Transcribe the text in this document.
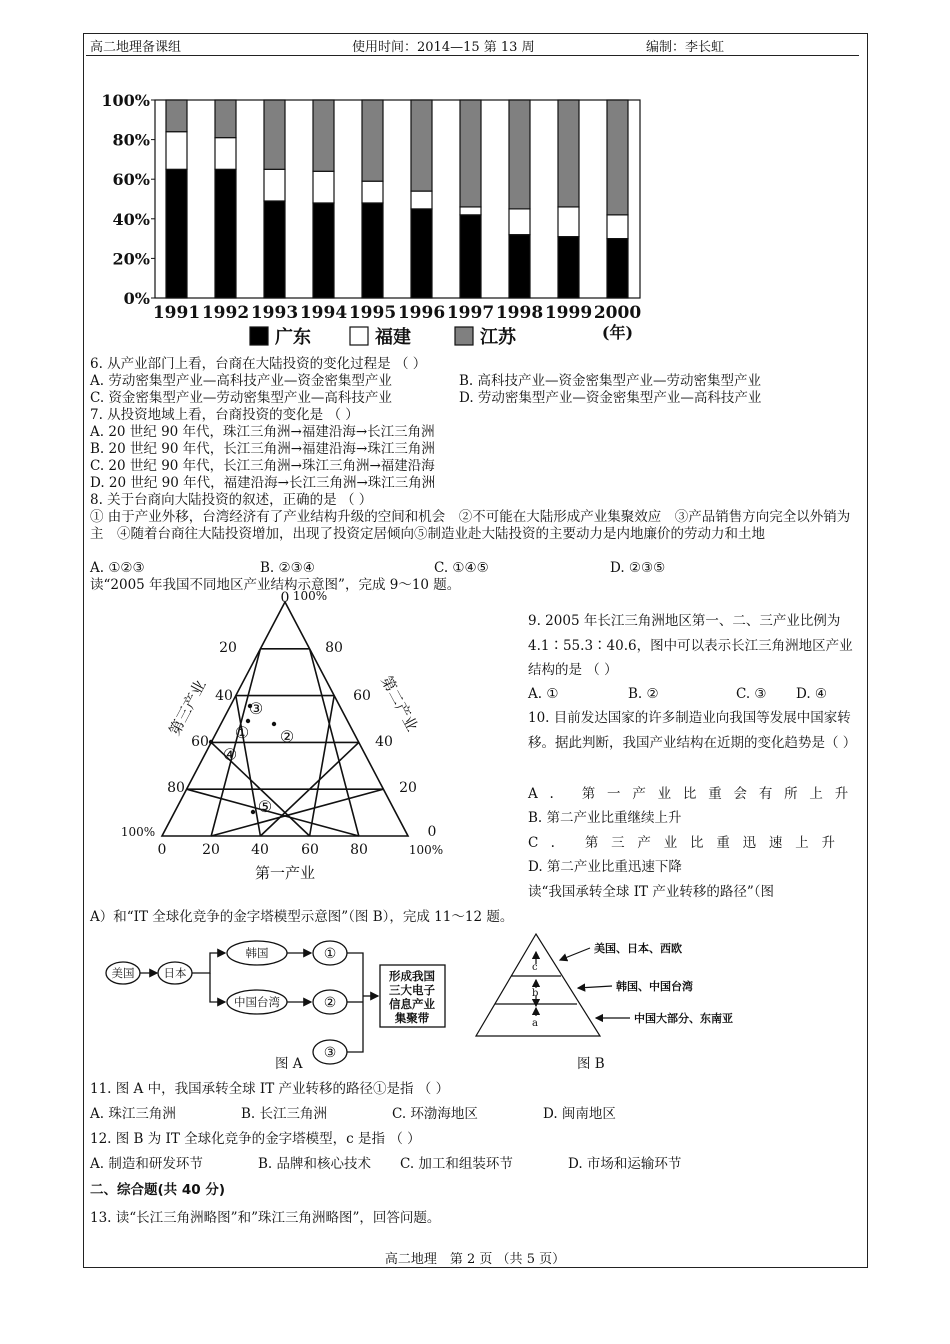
高二地理备课组	使用时间：2014—15 第 13 周	编制：李长虹
100%
80%
60%
40%
20%
0%
1991 1992 1993 1994 1995 1996 1997 1998 1999 2000
(年)
广东	福建	江苏
6. 从产业部门上看，台商在大陆投资的变化过程是 （ ）
A. 劳动密集型产业—高科技产业—资金密集型产业	B. 高科技产业—资金密集型产业—劳动密集型产业
C. 资金密集型产业—劳动密集型产业—高科技产业	D. 劳动密集型产业—资金密集型产业—高科技产业
7. 从投资地域上看，台商投资的变化是 （ ）
A. 20 世纪 90 年代，珠江三角洲→福建沿海→长江三角洲
B. 20 世纪 90 年代，长江三角洲→福建沿海→珠江三角洲
C. 20 世纪 90 年代，长江三角洲→珠江三角洲→福建沿海
D. 20 世纪 90 年代，福建沿海→长江三角洲→珠江三角洲
8. 关于台商向大陆投资的叙述，正确的是 （ ）
① 由于产业外移，台湾经济有了产业结构升级的空间和机会　②不可能在大陆形成产业集聚效应　③产品销售方向完全以外销为主　④随着台商往大陆投资增加，出现了投资定居倾向⑤制造业赴大陆投资的主要动力是内地廉价的劳动力和土地
A. ①②③	B. ②③④	C. ①④⑤	D. ②③⑤
读“2005 年我国不同地区产业结构示意图”，完成 9～10 题。
0 100%
20
40
60
80
100%
80
60
40
20
0
0	20 40 60 80	100%
第一产业
第三产业	第二产业
① ②
③
④
⑤
9. 2005 年长江三角洲地区第一、二、三产业比例为 4.1∶55.3∶40.6，图中可以表示长江三角洲地区产业结构的是 （ ）
A. ①	B. ②	C. ③ D. ④
10. 目前发达国家的许多制造业向我国等发展中国家转移。据此判断，我国产业结构在近期的变化趋势是（ ）
A. 第一产业比重会有所上升
B. 第二产业比重继续上升
C. 第三产业比重迅速上升
D. 第二产业比重迅速下降
读“我国承转全球 IT 产业转移的路径”（图
A）和“IT 全球化竞争的金字塔模型示意图”（图 B），完成 11～12 题。
美国	日本
韩国
中国台湾
①
②
③
形成我国
三大电子
信息产业
集聚带
图 A
c
b
a
美国、日本、西欧
韩国、中国台湾
中国大部分、东南亚
图 B
11. 图 A 中，我国承转全球 IT 产业转移的路径①是指 （ ）
A. 珠江三角洲	B. 长江三角洲	C. 环渤海地区	D. 闽南地区
12. 图 B 为 IT 全球化竞争的金字塔模型，c 是指 （ ）
A. 制造和研发环节	B. 品牌和核心技术 C. 加工和组装环节	D. 市场和运输环节
二、综合题(共 40 分)
13. 读“长江三角洲略图”和”珠江三角洲略图”，回答问题。
高二地理　第 2 页 （共 5 页）
